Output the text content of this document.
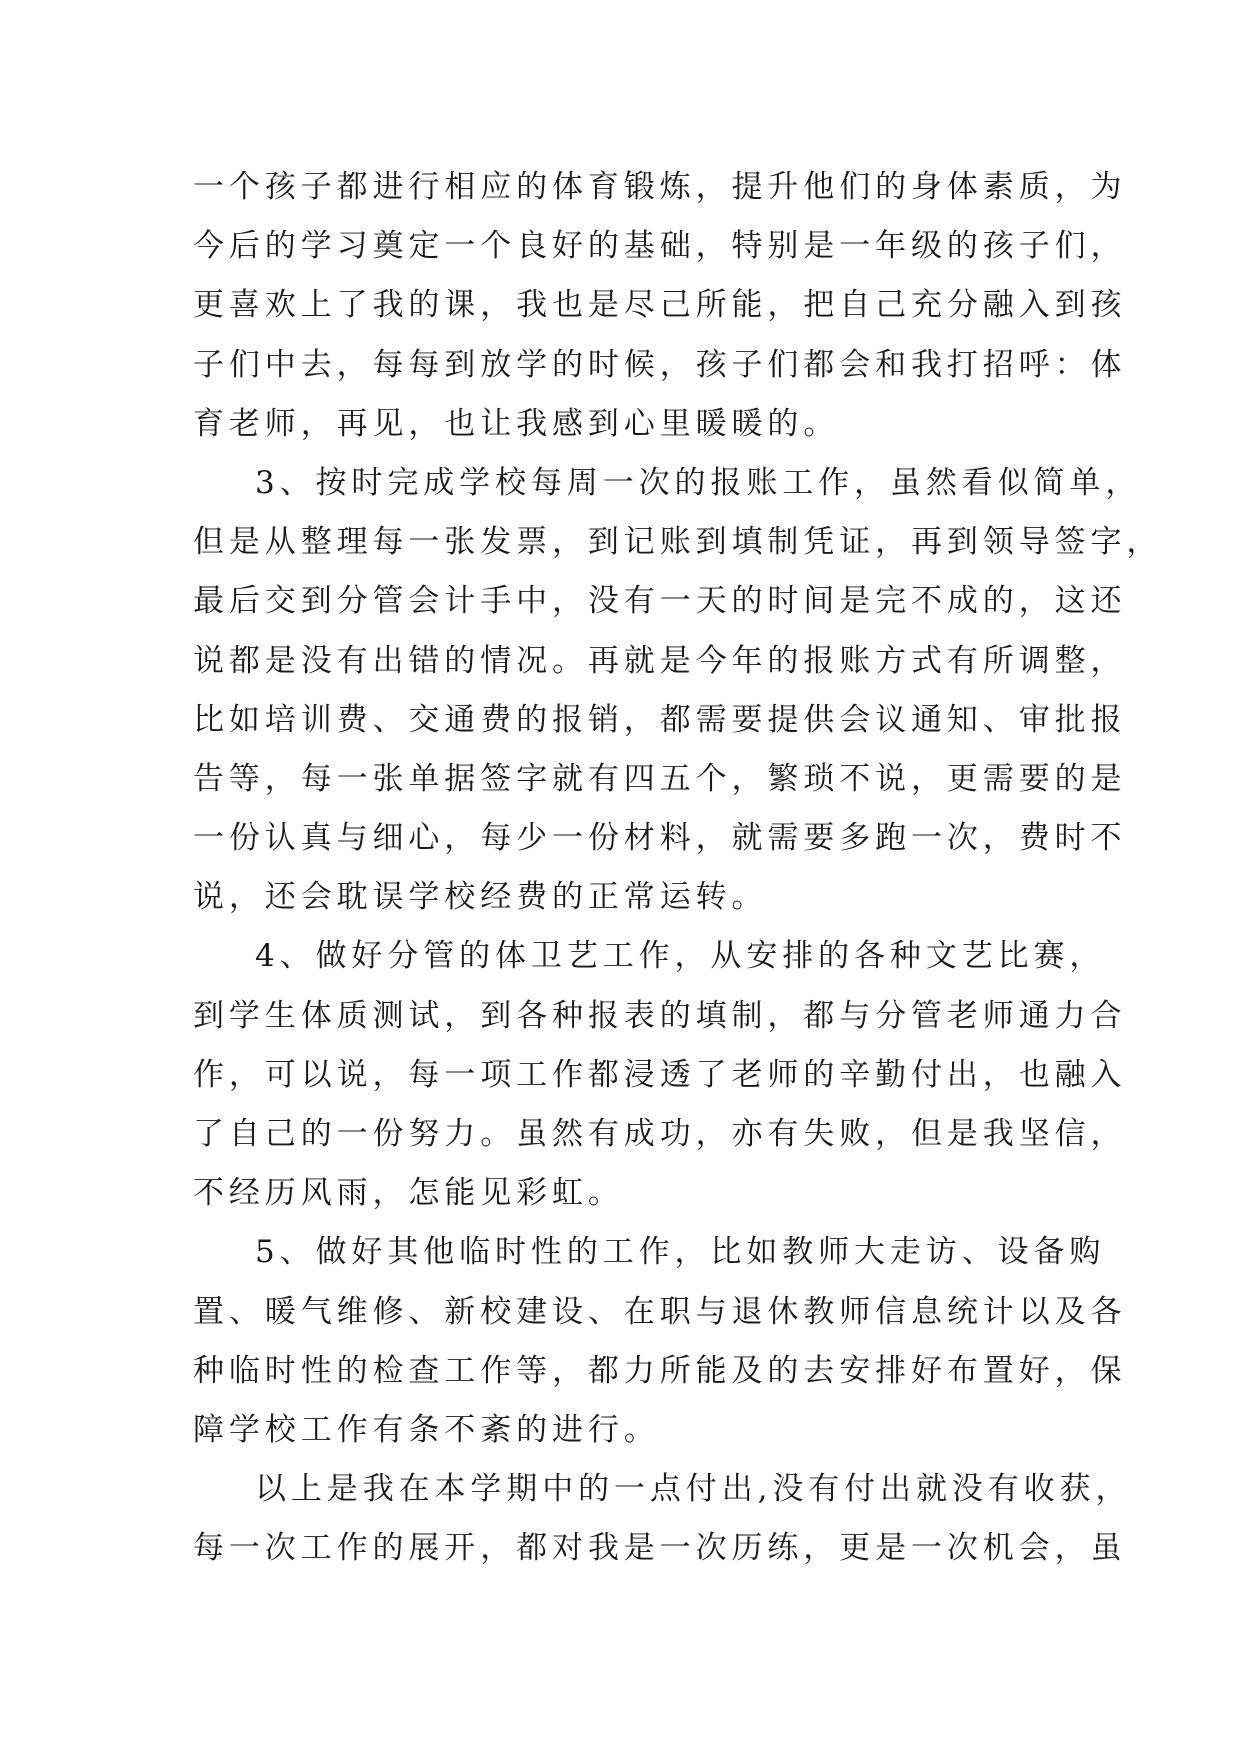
一个孩子都进行相应的体育锻炼，提升他们的身体素质，为
今后的学习奠定一个良好的基础，特别是一年级的孩子们，
更喜欢上了我的课，我也是尽己所能，把自己充分融入到孩
子们中去，每每到放学的时候，孩子们都会和我打招呼：体
育老师，再见，也让我感到心里暖暖的。
3、按时完成学校每周一次的报账工作，虽然看似简单，
但是从整理每一张发票，到记账到填制凭证，再到领导签字，
最后交到分管会计手中，没有一天的时间是完不成的，这还
说都是没有出错的情况。再就是今年的报账方式有所调整，
比如培训费、交通费的报销，都需要提供会议通知、审批报
告等，每一张单据签字就有四五个，繁琐不说，更需要的是
一份认真与细心，每少一份材料，就需要多跑一次，费时不
说，还会耽误学校经费的正常运转。
4、做好分管的体卫艺工作，从安排的各种文艺比赛，
到学生体质测试，到各种报表的填制，都与分管老师通力合
作，可以说，每一项工作都浸透了老师的辛勤付出，也融入
了自己的一份努力。虽然有成功，亦有失败，但是我坚信，
不经历风雨，怎能见彩虹。
5、做好其他临时性的工作，比如教师大走访、设备购
置、暖气维修、新校建设、在职与退休教师信息统计以及各
种临时性的检查工作等，都力所能及的去安排好布置好，保
障学校工作有条不紊的进行。
以上是我在本学期中的一点付出,没有付出就没有收获，
每一次工作的展开，都对我是一次历练，更是一次机会，虽
